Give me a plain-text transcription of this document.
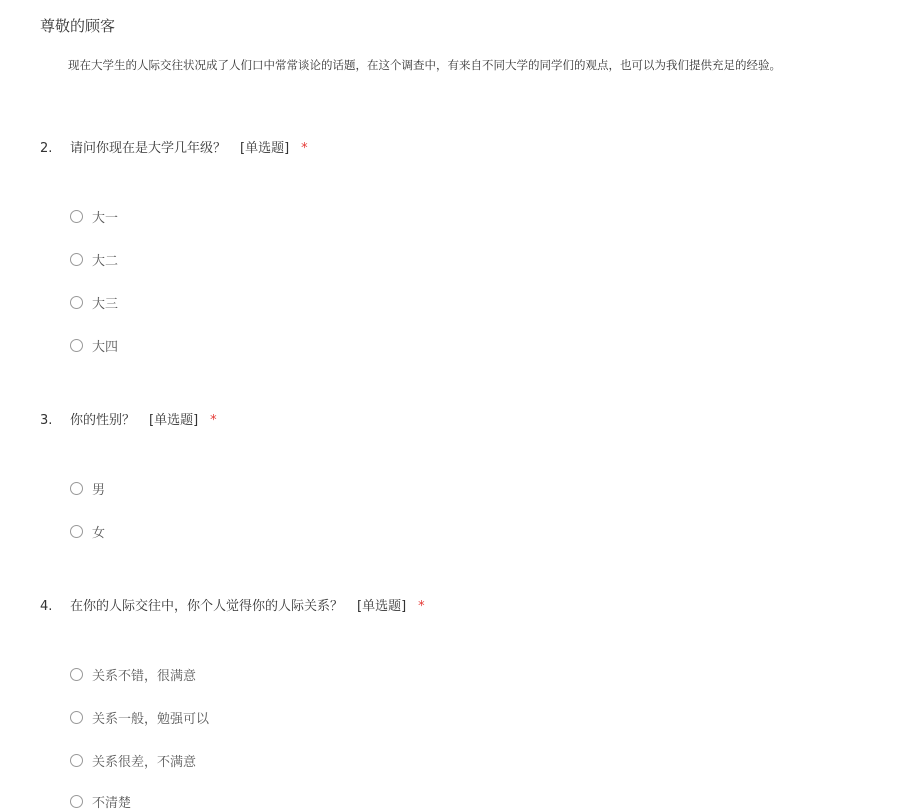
尊敬的顾客
现在大学生的人际交往状况成了人们口中常常谈论的话题，在这个调查中，有来自不同大学的同学们的观点，也可以为我们提供充足的经验。
2. 请问你现在是大学几年级？ [单选题] *
大一
大二
大三
大四
3. 你的性别？ [单选题] *
男
女
4. 在你的人际交往中，你个人觉得你的人际关系？ [单选题] *
关系不错，很满意
关系一般，勉强可以
关系很差，不满意
不清楚
